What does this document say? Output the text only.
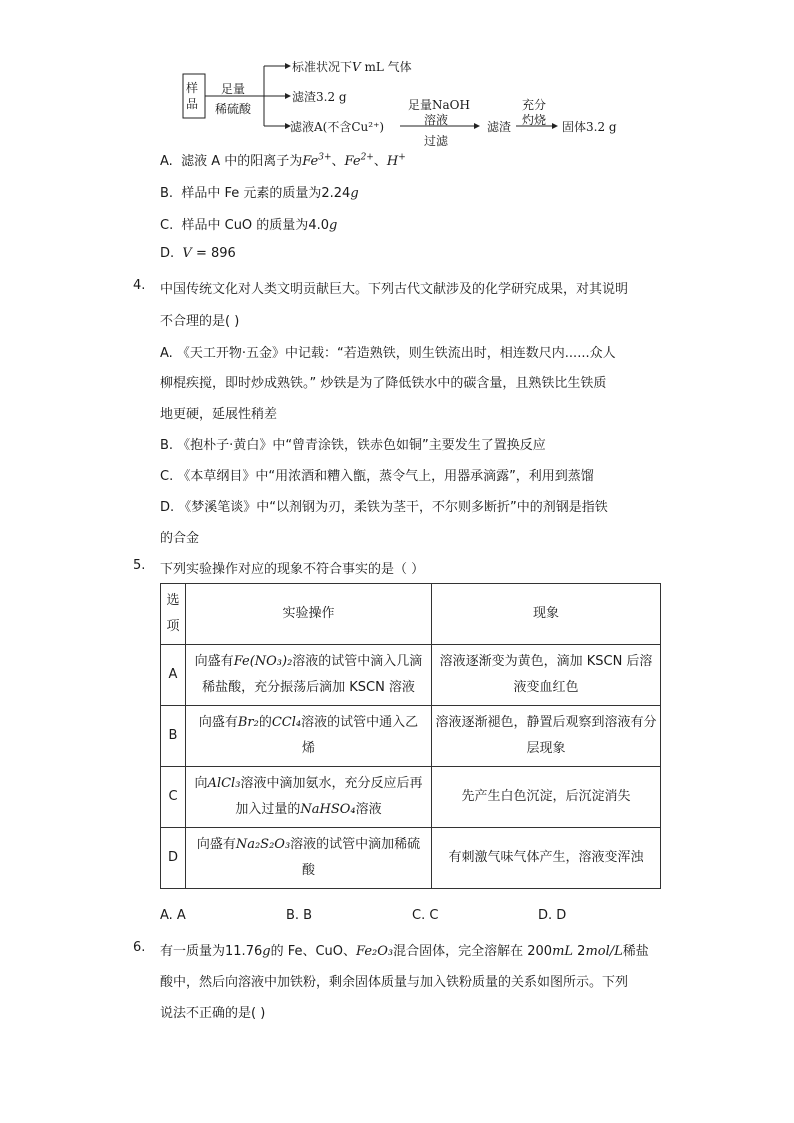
样品
足量
稀硫酸
标准状况下V mL 气体
滤渣3.2 g
滤液A(不含Cu²⁺)
足量NaOH
溶液
过滤
滤渣
充分
灼烧 固体3.2 g
A. 滤液 A 中的阳离子为$Fe^{3+}$、$Fe^{2+}$、H+
B. 样品中 Fe 元素的质量为2.24g
C. 样品中 CuO 的质量为4.0g
D. V = 896
4. 中国传统文化对人类文明贡献巨大。下列古代文献涉及的化学研究成果，对其说明
不合理的是( )
A. 《天工开物·五金》中记载：“若造熟铁，则生铁流出时，相连数尺内......众人
柳棍疾搅，即时炒成熟铁。” 炒铁是为了降低铁水中的碳含量，且熟铁比生铁质
地更硬，延展性稍差
B. 《抱朴子·黄白》中“曾青涂铁，铁赤色如铜”主要发生了置换反应
C. 《本草纲目》中“用浓酒和糟入甑，蒸令气上，用器承滴露”，利用到蒸馏
D. 《梦溪笔谈》中“以剂钢为刃，柔铁为茎干，不尔则多断折”中的剂钢是指铁
的合金
5. 下列实验操作对应的现象不符合事实的是（ ）
选
项	实验操作	现象
A	向盛有Fe(NO₃)₂溶液的试管中滴入几滴
稀盐酸，充分振荡后滴加 KSCN 溶液	溶液逐渐变为黄色，滴加 KSCN 后溶
液变血红色
B	向盛有Br₂的CCl₄溶液的试管中通入乙
烯	溶液逐渐褪色，静置后观察到溶液有分
层现象
C	向AlCl₃溶液中滴加氨水，充分反应后再
加入过量的NaHSO₄溶液	先产生白色沉淀，后沉淀消失
D	向盛有Na₂S₂O₃溶液的试管中滴加稀硫
酸	有刺激气味气体产生，溶液变浑浊
A. A	B. B	C. C	D. D
6. 有一质量为11.76g的 Fe、CuO、Fe₂O₃混合固体，完全溶解在 200mL 2mol/L稀盐
酸中，然后向溶液中加铁粉，剩余固体质量与加入铁粉质量的关系如图所示。下列
说法不正确的是( )
